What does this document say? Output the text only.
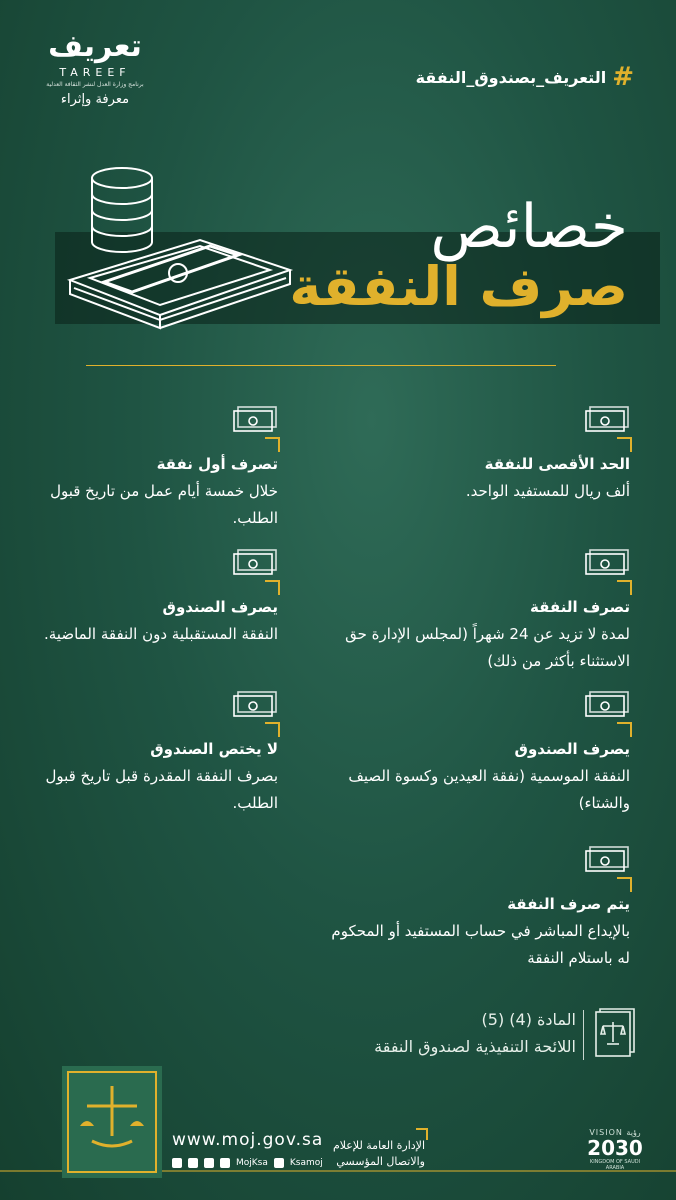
تعريف
TAREEF
برنامج وزارة العدل لنشر الثقافة العدلية
معرفة وإثراء
#
التعريف_بصندوق_النفقة
خصائص
صرف النفقة
الحد الأقصى للنفقة
ألف ريال للمستفيد الواحد.
تصرف أول نفقة
خلال خمسة أيام عمل من تاريخ قبول الطلب.
تصرف النفقة
لمدة لا تزيد عن 24 شهراً (لمجلس الإدارة حق الاستثناء بأكثر من ذلك)
يصرف الصندوق
النفقة المستقبلية دون النفقة الماضية.
يصرف الصندوق
النفقة الموسمية (نفقة العيدين وكسوة الصيف والشتاء)
لا يختص الصندوق
بصرف النفقة المقدرة قبل تاريخ قبول الطلب.
يتم صرف النفقة
بالإيداع المباشر في حساب المستفيد أو المحكوم له باستلام النفقة
المادة (4) (5)
اللائحة التنفيذية لصندوق النفقة
www.moj.gov.sa
MojKsa Ksamoj
الإدارة العامة للإعلام والاتصال المؤسسي
VISION رؤية
2030
KINGDOM OF SAUDI ARABIA
